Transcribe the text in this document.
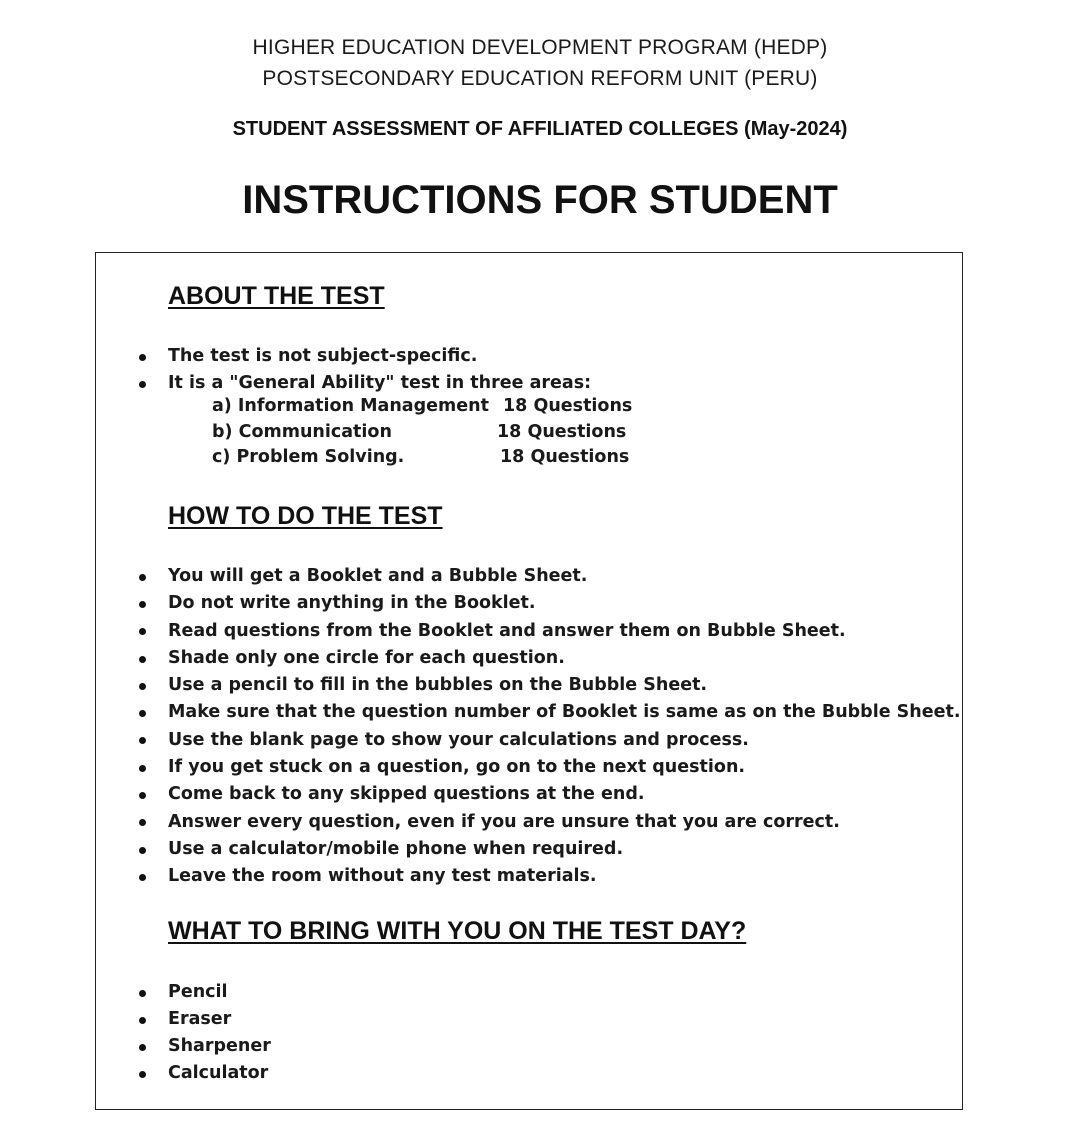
HIGHER EDUCATION DEVELOPMENT PROGRAM (HEDP)
POSTSECONDARY EDUCATION REFORM UNIT (PERU)
STUDENT ASSESSMENT OF AFFILIATED COLLEGES (May-2024)
INSTRUCTIONS FOR STUDENT
ABOUT THE TEST
The test is not subject-specific.
It is a "General Ability" test in three areas:
a) Information Management 18 Questions
b) Communication	18 Questions
c) Problem Solving.	18 Questions
HOW TO DO THE TEST
You will get a Booklet and a Bubble Sheet.
Do not write anything in the Booklet.
Read questions from the Booklet and answer them on Bubble Sheet.
Shade only one circle for each question.
Use a pencil to fill in the bubbles on the Bubble Sheet.
Make sure that the question number of Booklet is same as on the Bubble Sheet.
Use the blank page to show your calculations and process.
If you get stuck on a question, go on to the next question.
Come back to any skipped questions at the end.
Answer every question, even if you are unsure that you are correct.
Use a calculator/mobile phone when required.
Leave the room without any test materials.
WHAT TO BRING WITH YOU ON THE TEST DAY?
Pencil
Eraser
Sharpener
Calculator
